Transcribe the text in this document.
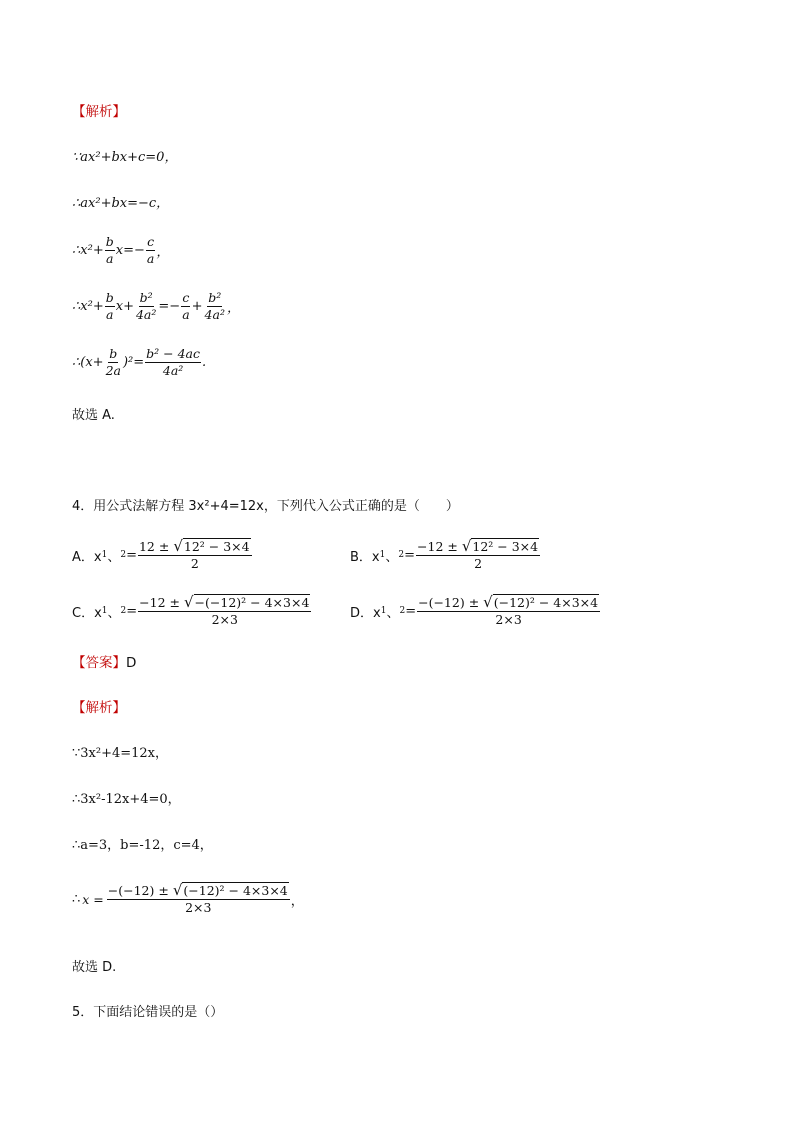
【解析】
∵ax²+bx+c=0，
∴ax²+bx=−c，
∴x²+ $\frac{b}{a} x=- \frac{c}{a}$ ，
∴x²+ $\frac{b}{a} x+ \frac{\text{b²}}{\text{4a²}} =- \frac{c}{a} + \frac{\text{b²}}{\text{4a²}}$ ，
∴(x+ $\frac{b}{2a} )^2= \frac{\text{b² − 4ac}}{\text{4a²}}$ .
故选 A.
4．用公式法解方程 3x²+4=12x，下列代入公式正确的是（　　）
A．x 1 、 $2 = \frac{\text{12 ± √12² − 3×4}}{2}$	B．x 1 、 $2 = \frac{\text{−12 ± √12² − 3×4}}{2}$
C．x 1 、 $2 = \frac{\text{−12 ± √−(−12)² − 4×3×4}}{2\times 3}$	D．x 1 、 $2 = \frac{\text{−(−12) ± √(−12)² − 4×3×4}}{2\times 3}$
【答案】D
【解析】
∵3x²+4=12x，
∴3x²-12x+4=0，
∴a=3，b=-12，c=4，
∴ $x = \frac{\text{−(−12) ± √(−12)² − 4×3×4}}{2\times 3}$ ，
故选 D.
5．下面结论错误的是（）
